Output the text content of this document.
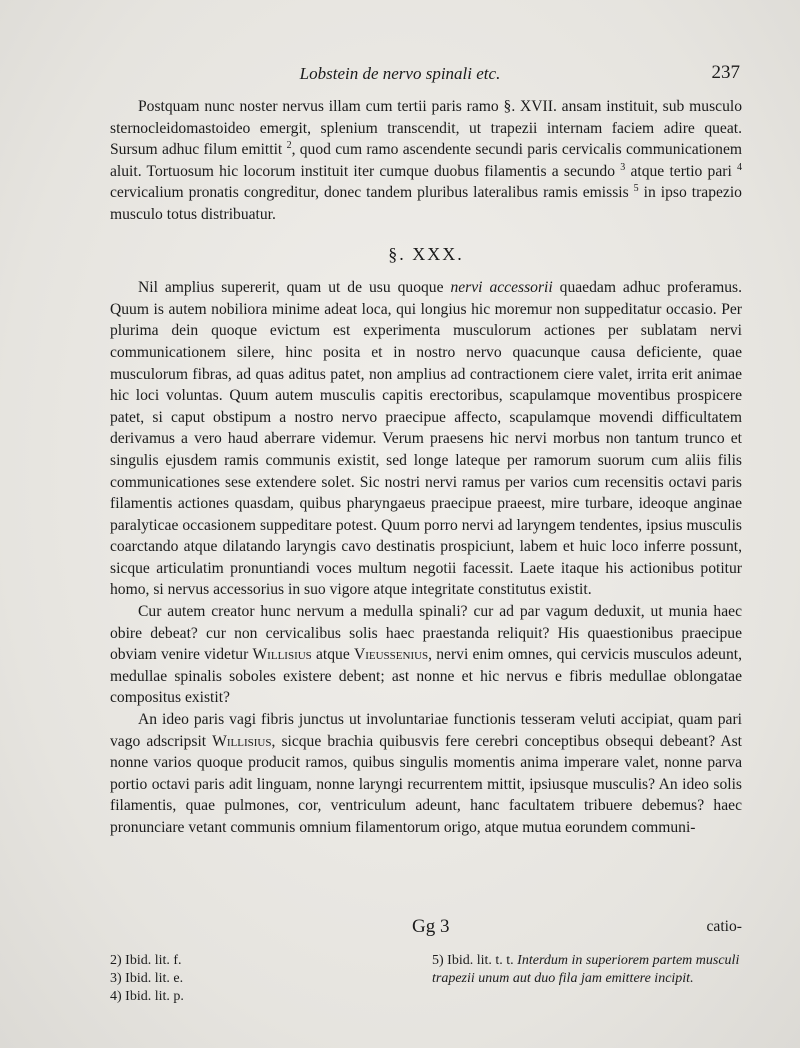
Lobstein de nervo spinali etc.	237

Postquam nunc noster nervus illam cum tertii paris ramo §. XVII. ansam instituit, sub musculo sternocleidomastoideo emergit, splenium transcendit, ut trapezii internam faciem adire queat. Sursum adhuc filum emittit $^2$, quod cum ramo ascendente secundi paris cervicalis communicationem aluit. Tortuosum hic locorum instituit iter cumque duobus filamentis a secundo $^3$ atque tertio pari $^4$ cervicalium pronatis congreditur, donec tandem pluribus lateralibus ramis emissis $^5$ in ipso trapezio musculo totus distribuatur.

§. XXX.

Nil amplius supererit, quam ut de usu quoque nervi accessorii quaedam adhuc proferamus. Quum is autem nobiliora minime adeat loca, qui longius hic moremur non suppeditatur occasio. Per plurima dein quoque evictum est experimenta musculorum actiones per sublatam nervi communicationem silere, hinc posita et in nostro nervo quacunque causa deficiente, quae musculorum fibras, ad quas aditus patet, non amplius ad contractionem ciere valet, irrita erit animae hic loci voluntas. Quum autem musculis capitis erectoribus, scapulamque moventibus prospicere patet, si caput obstipum a nostro nervo praecipue affecto, scapulamque movendi difficultatem derivamus a vero haud aberrare videmur. Verum praesens hic nervi morbus non tantum trunco et singulis ejusdem ramis communis existit, sed longe lateque per ramorum suorum cum aliis filis communicationes sese extendere solet. Sic nostri nervi ramus per varios cum recensitis octavi paris filamentis actiones quasdam, quibus pharyngaeus praecipue praeest, mire turbare, ideoque anginae paralyticae occasionem suppeditare potest. Quum porro nervi ad laryngem tendentes, ipsius musculis coarctando atque dilatando laryngis cavo destinatis prospiciunt, labem et huic loco inferre possunt, sicque articulatim pronuntiandi voces multum negotii facessit. Laete itaque his actionibus potitur homo, si nervus accessorius in suo vigore atque integritate constitutus existit.

Cur autem creator hunc nervum a medulla spinali? cur ad par vagum deduxit, ut munia haec obire debeat? cur non cervicalibus solis haec praestanda reliquit? His quaestionibus praecipue obviam venire videtur Willisius atque Vieussenius, nervi enim omnes, qui cervicis musculos adeunt, medullae spinalis soboles existere debent; ast nonne et hic nervus e fibris medullae oblongatae compositus existit?

An ideo paris vagi fibris junctus ut involuntariae functionis tesseram veluti accipiat, quam pari vago adscripsit Willisius, sicque brachia quibusvis fere cerebri conceptibus obsequi debeant? Ast nonne varios quoque producit ramos, quibus singulis momentis anima imperare valet, nonne parva portio octavi paris adit linguam, nonne laryngi recurrentem mittit, ipsiusque musculis? An ideo solis filamentis, quae pulmones, cor, ventriculum adeunt, hanc facultatem tribuere debemus? haec pronunciare vetant communis omnium filamentorum origo, atque mutua eorundem communi-

Gg 3	catio-

2) Ibid. lit. f.

3) Ibid. lit. e.

4) Ibid. lit. p.

5) Ibid. lit. t. t. Interdum in superiorem partem musculi trapezii unum aut duo fila jam emittere incipit.
